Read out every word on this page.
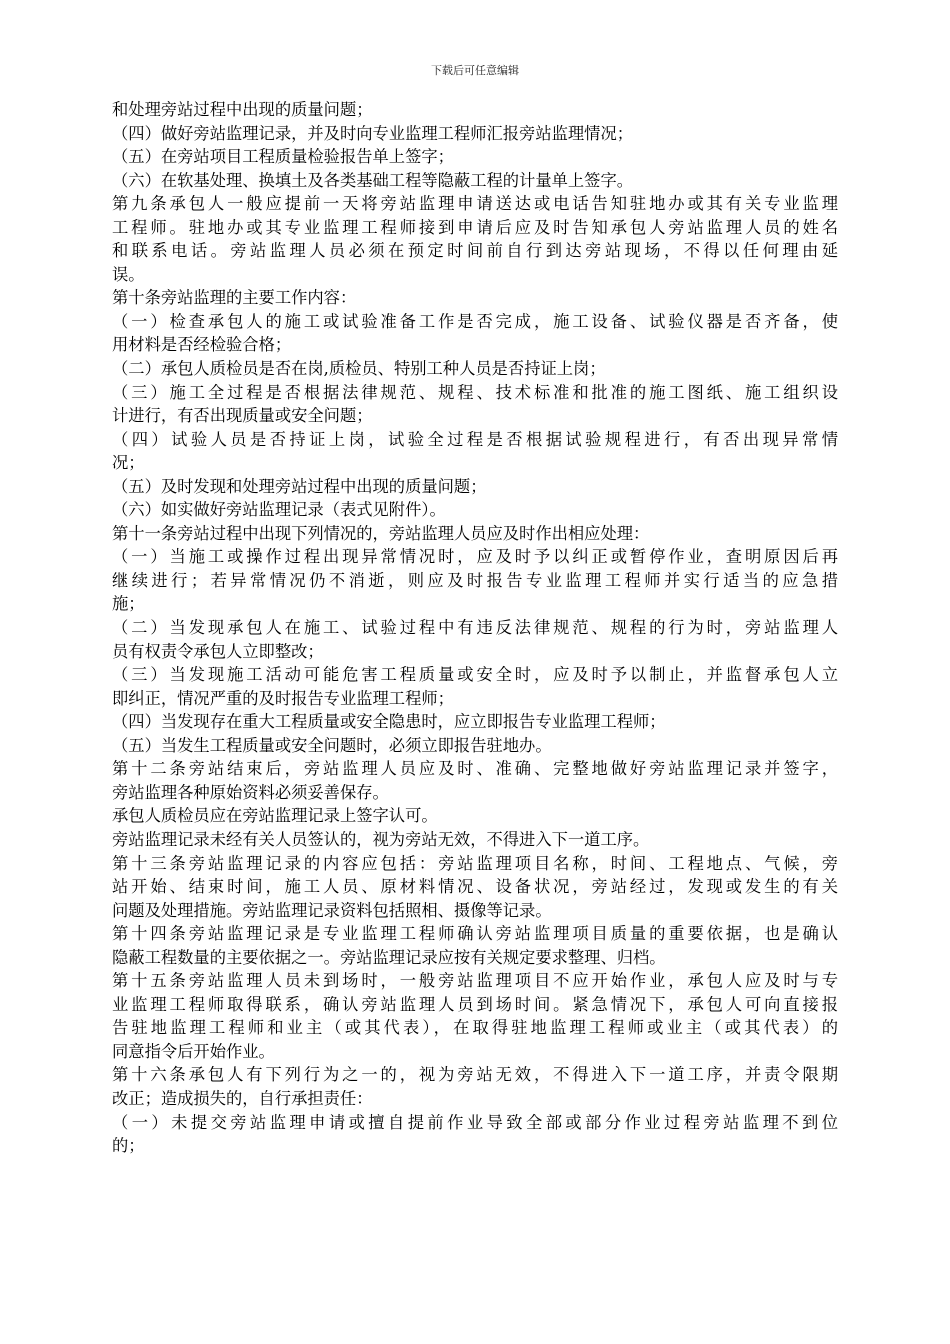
下载后可任意编辑
和处理旁站过程中出现的质量问题；
（四）做好旁站监理记录，并及时向专业监理工程师汇报旁站监理情况；
（五）在旁站项目工程质量检验报告单上签字；
（六）在软基处理、换填土及各类基础工程等隐蔽工程的计量单上签字。
第九条承包人一般应提前一天将旁站监理申请送达或电话告知驻地办或其有关专业监理
工程师。驻地办或其专业监理工程师接到申请后应及时告知承包人旁站监理人员的姓名
和联系电话。旁站监理人员必须在预定时间前自行到达旁站现场，不得以任何理由延
误。
第十条旁站监理的主要工作内容：
（一）检查承包人的施工或试验准备工作是否完成，施工设备、试验仪器是否齐备，使
用材料是否经检验合格；
（二）承包人质检员是否在岗,质检员、特别工种人员是否持证上岗；
（三）施工全过程是否根据法律规范、规程、技术标准和批准的施工图纸、施工组织设
计进行，有否出现质量或安全问题；
（四）试验人员是否持证上岗，试验全过程是否根据试验规程进行，有否出现异常情
况；
（五）及时发现和处理旁站过程中出现的质量问题；
（六）如实做好旁站监理记录（表式见附件）。
第十一条旁站过程中出现下列情况的，旁站监理人员应及时作出相应处理：
（一）当施工或操作过程出现异常情况时，应及时予以纠正或暂停作业，查明原因后再
继续进行；若异常情况仍不消逝，则应及时报告专业监理工程师并实行适当的应急措
施；
（二）当发现承包人在施工、试验过程中有违反法律规范、规程的行为时，旁站监理人
员有权责令承包人立即整改；
（三）当发现施工活动可能危害工程质量或安全时，应及时予以制止，并监督承包人立
即纠正，情况严重的及时报告专业监理工程师；
（四）当发现存在重大工程质量或安全隐患时，应立即报告专业监理工程师；
（五）当发生工程质量或安全问题时，必须立即报告驻地办。
第十二条旁站结束后，旁站监理人员应及时、准确、完整地做好旁站监理记录并签字，
旁站监理各种原始资料必须妥善保存。
承包人质检员应在旁站监理记录上签字认可。
旁站监理记录未经有关人员签认的，视为旁站无效，不得进入下一道工序。
第十三条旁站监理记录的内容应包括：旁站监理项目名称，时间、工程地点、气候，旁
站开始、结束时间，施工人员、原材料情况、设备状况，旁站经过，发现或发生的有关
问题及处理措施。旁站监理记录资料包括照相、摄像等记录。
第十四条旁站监理记录是专业监理工程师确认旁站监理项目质量的重要依据，也是确认
隐蔽工程数量的主要依据之一。旁站监理记录应按有关规定要求整理、归档。
第十五条旁站监理人员未到场时，一般旁站监理项目不应开始作业，承包人应及时与专
业监理工程师取得联系，确认旁站监理人员到场时间。紧急情况下，承包人可向直接报
告驻地监理工程师和业主（或其代表），在取得驻地监理工程师或业主（或其代表）的
同意指令后开始作业。
第十六条承包人有下列行为之一的，视为旁站无效，不得进入下一道工序，并责令限期
改正；造成损失的，自行承担责任：
（一）未提交旁站监理申请或擅自提前作业导致全部或部分作业过程旁站监理不到位
的；
